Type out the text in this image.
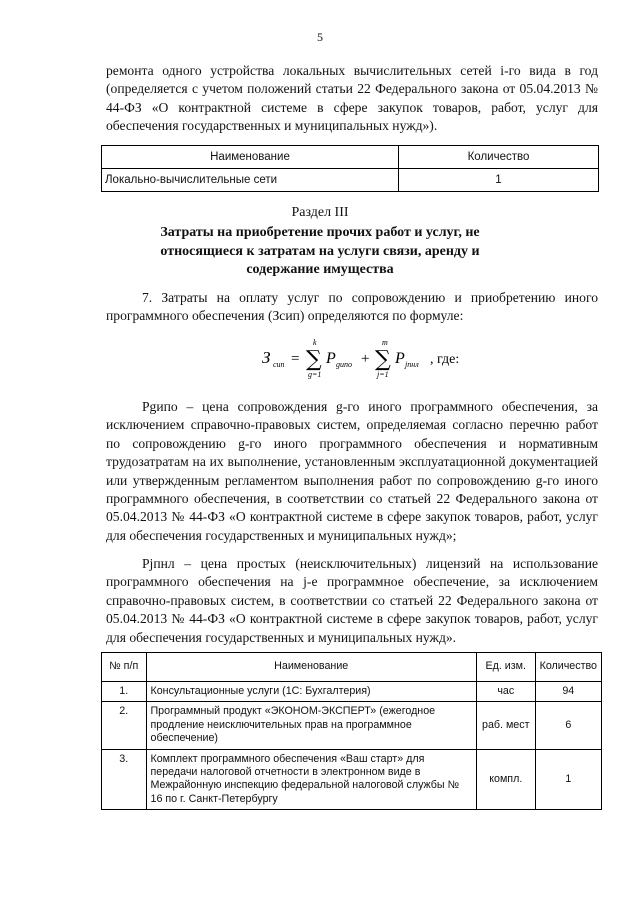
5

ремонта одного устройства локальных вычислительных сетей i-го вида в год (определяется с учетом положений статьи 22 Федерального закона от 05.04.2013 № 44-ФЗ «О контрактной системе в сфере закупок товаров, работ, услуг для обеспечения государственных и муниципальных нужд»).

Наименование	Количество
Локально-вычислительные сети	1
Раздел III
Затраты на приобретение прочих работ и услуг, не относящиеся к затратам на услуги связи, аренду и содержание имущества

7. Затраты на оплату услуг по сопровождению и приобретению иного программного обеспечения (Зсип) определяются по формуле:

З сип =
k
∑
g=1
P gипо +
m
∑
j=1
P jпнл , где:

Pgипо – цена сопровождения g-го иного программного обеспечения, за исключением справочно-правовых систем, определяемая согласно перечню работ по сопровождению g-го иного программного обеспечения и нормативным трудозатратам на их выполнение, установленным эксплуатационной документацией или утвержденным регламентом выполнения работ по сопровождению g-го иного программного обеспечения, в соответствии со статьей 22 Федерального закона от 05.04.2013 № 44-ФЗ «О контрактной системе в сфере закупок товаров, работ, услуг для обеспечения государственных и муниципальных нужд»;

Pjпнл – цена простых (неисключительных) лицензий на использование программного обеспечения на j-е программное обеспечение, за исключением справочно-правовых систем, в соответствии со статьей 22 Федерального закона от 05.04.2013 № 44-ФЗ «О контрактной системе в сфере закупок товаров, работ, услуг для обеспечения государственных и муниципальных нужд».

№ п/п	Наименование	Ед. изм.	Количество
1.	Консультационные услуги (1С: Бухгалтерия)	час	94
2.	Программный продукт «ЭКОНОМ-ЭКСПЕРТ» (ежегодное продление неисключительных прав на программное обеспечение)	раб. мест	6
3.	Комплект программного обеспечения «Ваш старт» для передачи налоговой отчетности в электронном виде в Межрайонную инспекцию федеральной налоговой службы № 16 по г. Санкт-Петербургу	компл.	1
